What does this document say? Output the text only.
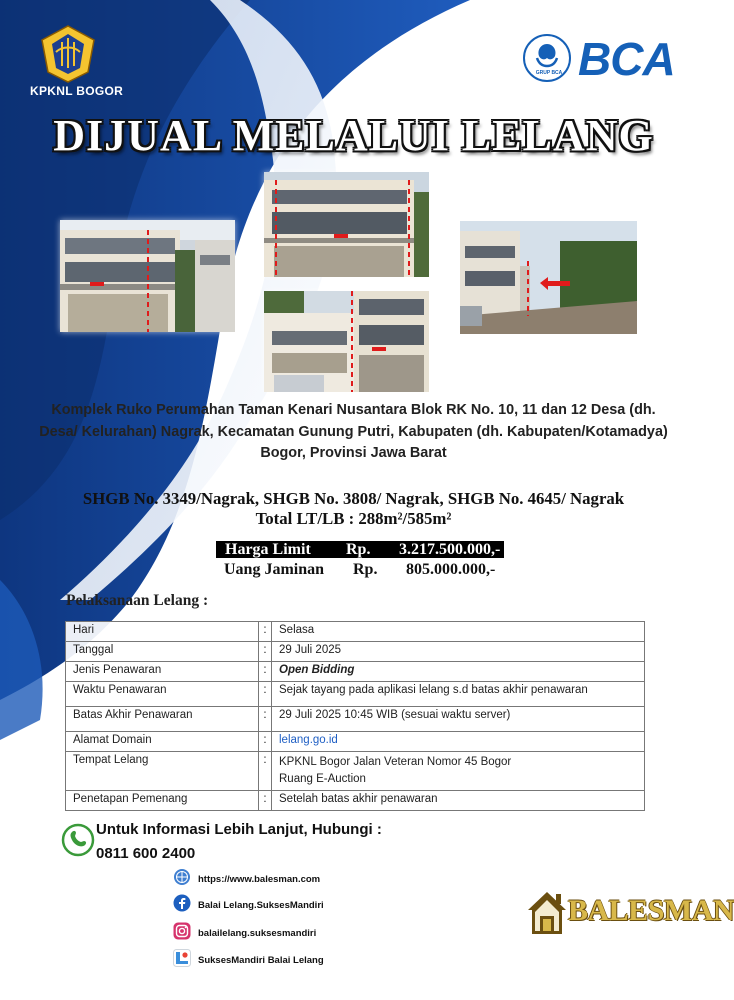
KPKNL BOGOR
GRUP BCA BCA
DIJUAL MELALUI LELANG
Komplek Ruko Perumahan Taman Kenari Nusantara Blok RK No. 10, 11 dan 12 Desa (dh.
Desa/ Kelurahan) Nagrak, Kecamatan Gunung Putri, Kabupaten (dh. Kabupaten/Kotamadya)
Bogor, Provinsi Jawa Barat
SHGB No. 3349/Nagrak, SHGB No. 3808/ Nagrak, SHGB No. 4645/ Nagrak
Total LT/LB : 288m²/585m²
Harga Limit Rp. 3.217.500.000,-
Uang Jaminan Rp. 805.000.000,-
Pelaksanaan Lelang :
Hari	:	Selasa
Tanggal	:	29 Juli 2025
Jenis Penawaran	:	Open Bidding
Waktu Penawaran	:	Sejak tayang pada aplikasi lelang s.d batas akhir penawaran
Batas Akhir Penawaran	:	29 Juli 2025 10:45 WIB (sesuai waktu server)
Alamat Domain	:	lelang.go.id
Tempat Lelang	:	KPKNL Bogor Jalan Veteran Nomor 45 Bogor
Ruang E-Auction

Penetapan Pemenang	:	Setelah batas akhir penawaran
Untuk Informasi Lebih Lanjut, Hubungi :
0811 600 2400
https://www.balesman.com
Balai Lelang.SuksesMandiri
balailelang.suksesmandiri
SuksesMandiri Balai Lelang
BALESMAN
